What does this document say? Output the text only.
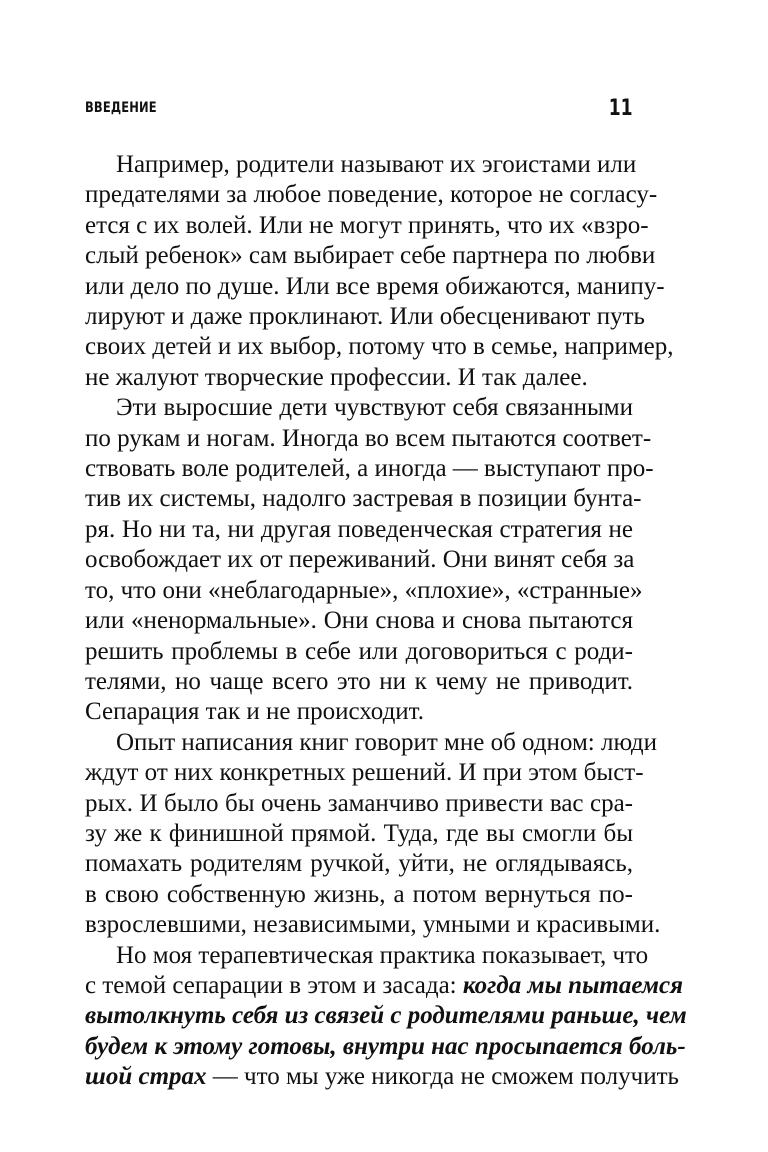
ВВЕДЕНИЕ	11
Например, родители называют их эгоистами или
предателями за любое поведение, которое не согласу-
ется с их волей. Или не могут принять, что их «взро-
слый ребенок» сам выбирает себе партнера по любви
или дело по душе. Или все время обижаются, манипу-
лируют и даже проклинают. Или обесценивают путь
своих детей и их выбор, потому что в семье, например,
не жалуют творческие профессии. И так далее.
Эти выросшие дети чувствуют себя связанными
по рукам и ногам. Иногда во всем пытаются соответ-
ствовать воле родителей, а иногда — выступают про-
тив их системы, надолго застревая в позиции бунта-
ря. Но ни та, ни другая поведенческая стратегия не
освобождает их от переживаний. Они винят себя за
то, что они «неблагодарные», «плохие», «странные»
или «ненормальные». Они снова и снова пытаются
решить проблемы в себе или договориться с роди-
телями, но чаще всего это ни к чему не приводит.
Сепарация так и не происходит.
Опыт написания книг говорит мне об одном: люди
ждут от них конкретных решений. И при этом быст-
рых. И было бы очень заманчиво привести вас сра-
зу же к финишной прямой. Туда, где вы смогли бы
помахать родителям ручкой, уйти, не оглядываясь,
в свою собственную жизнь, а потом вернуться по-
взрослевшими, независимыми, умными и красивыми.
Но моя терапевтическая практика показывает, что
с темой сепарации в этом и засада: когда мы пытаемся
вытолкнуть себя из связей с родителями раньше, чем
будем к этому готовы, внутри нас просыпается боль-
шой страх — что мы уже никогда не сможем получить
